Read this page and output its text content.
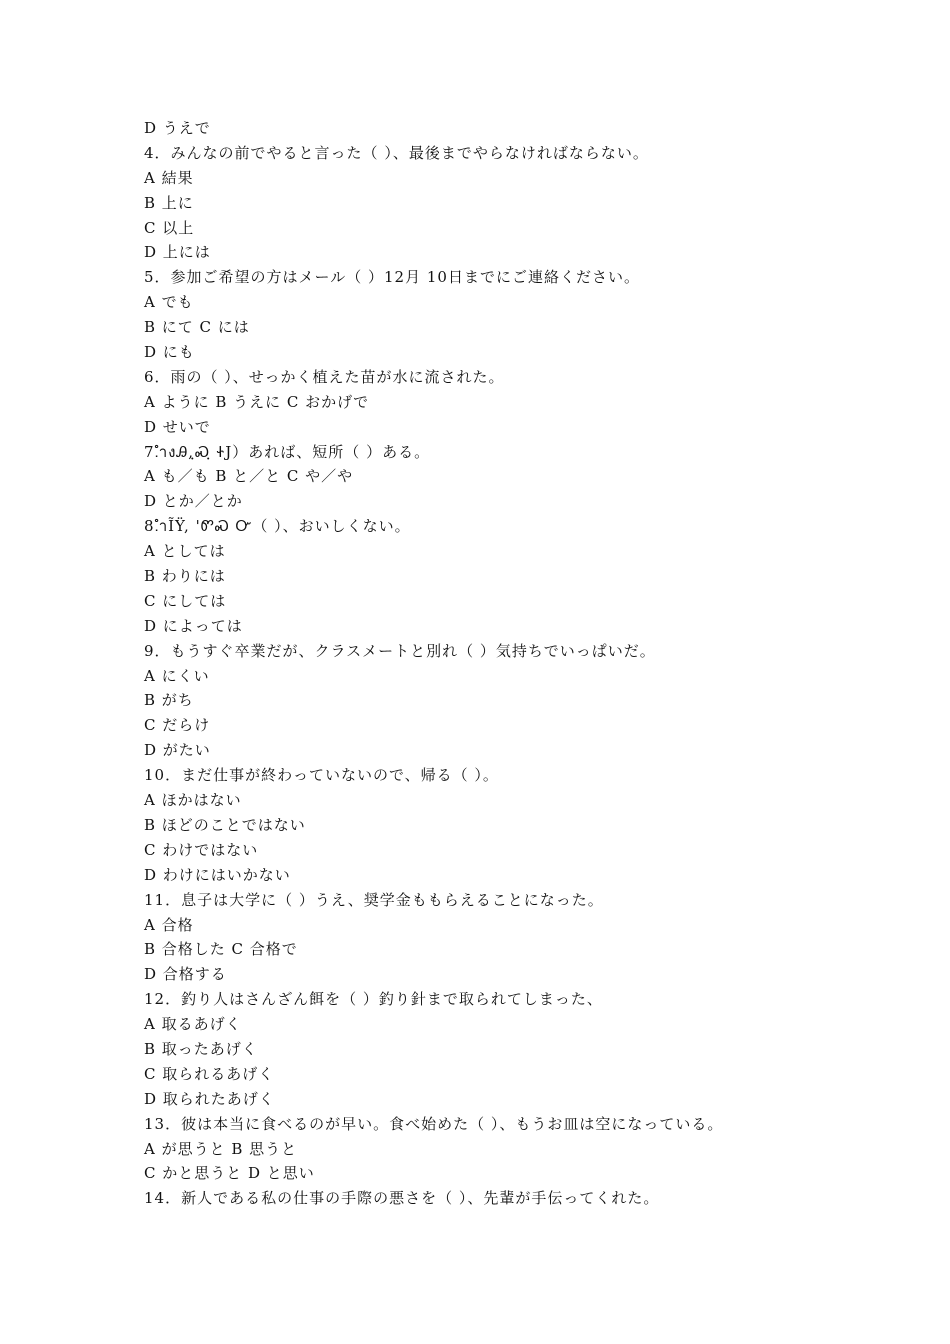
D うえで
4．みんなの前でやると言った（ ）、最後までやらなければならない。
A 結果
B 上に
C 以上
D 上には
5．参加ご希望の方はメール（ ）12月 10日までにご連絡ください。
A でも
B にて C には
D にも
6．雨の（ ）、せっかく植えた苗が水に流された。
A ように B うえに C おかげで
D せいで
7.ำงᎯ,ฺᏍฺ ᏐJ）あれば、短所（ ）ある。
A も／も B と／と C や／や
D とか／とか
8.ำĨŸ, 'ᏛᏍ Ꮕ（ ）、おいしくない。
A としては
B わりには
C にしては
D によっては
9．もうすぐ卒業だが、クラスメートと別れ（ ）気持ちでいっぱいだ。
A にくい
B がち
C だらけ
D がたい
10．まだ仕事が終わっていないので、帰る（ ）。
A ほかはない
B ほどのことではない
C わけではない
D わけにはいかない
11．息子は大学に（ ）うえ、奨学金ももらえることになった。
A 合格
B 合格した C 合格で
D 合格する
12．釣り人はさんざん餌を（ ）釣り針まで取られてしまった、
A 取るあげく
B 取ったあげく
C 取られるあげく
D 取られたあげく
13．彼は本当に食べるのが早い。食べ始めた（ ）、もうお皿は空になっている。
A が思うと B 思うと
C かと思うと D と思い
14．新人である私の仕事の手際の悪さを（ ）、先輩が手伝ってくれた。
